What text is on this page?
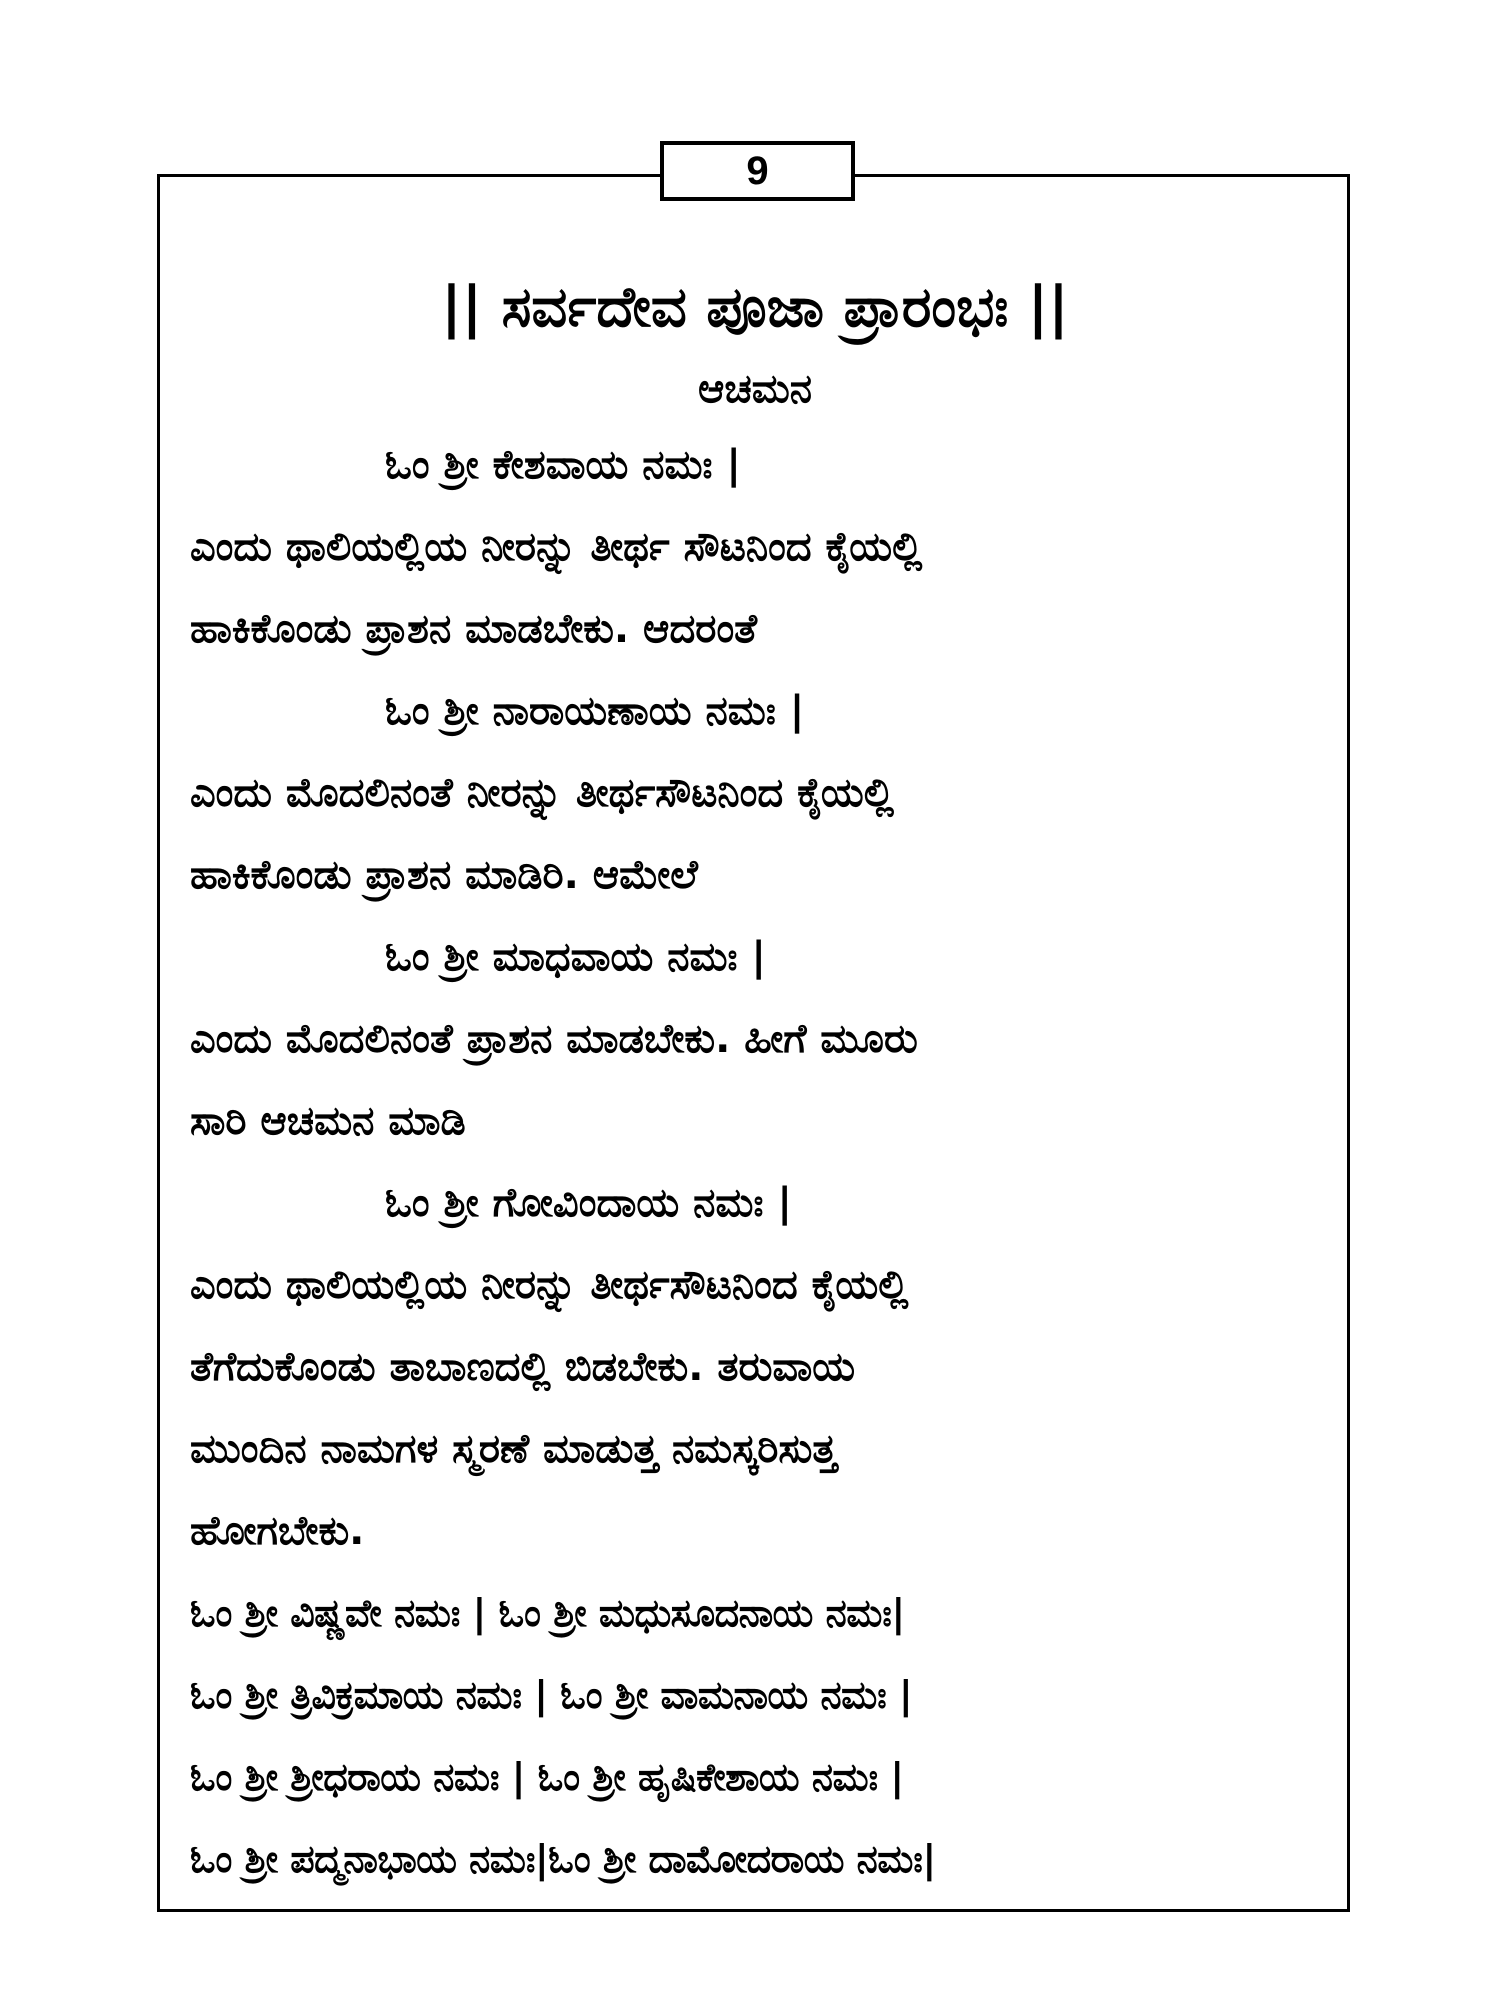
9
|| ಸರ್ವದೇವ ಪೂಜಾ ಪ್ರಾರಂಭಃ ||
ಆಚಮನ
ಓಂ ಶ್ರೀ ಕೇಶವಾಯ ನಮಃ |
ಎಂದು ಥಾಲಿಯಲ್ಲಿಯ ನೀರನ್ನು ತೀರ್ಥ ಸೌಟನಿಂದ ಕೈಯಲ್ಲಿ
ಹಾಕಿಕೊಂಡು ಪ್ರಾಶನ ಮಾಡಬೇಕು. ಆದರಂತೆ
ಓಂ ಶ್ರೀ ನಾರಾಯಣಾಯ ನಮಃ |
ಎಂದು ಮೊದಲಿನಂತೆ ನೀರನ್ನು ತೀರ್ಥಸೌಟನಿಂದ ಕೈಯಲ್ಲಿ
ಹಾಕಿಕೊಂಡು ಪ್ರಾಶನ ಮಾಡಿರಿ. ಆಮೇಲೆ
ಓಂ ಶ್ರೀ ಮಾಧವಾಯ ನಮಃ |
ಎಂದು ಮೊದಲಿನಂತೆ ಪ್ರಾಶನ ಮಾಡಬೇಕು. ಹೀಗೆ ಮೂರು
ಸಾರಿ ಆಚಮನ ಮಾಡಿ
ಓಂ ಶ್ರೀ ಗೋವಿಂದಾಯ ನಮಃ |
ಎಂದು ಥಾಲಿಯಲ್ಲಿಯ ನೀರನ್ನು ತೀರ್ಥಸೌಟನಿಂದ ಕೈಯಲ್ಲಿ
ತೆಗೆದುಕೊಂಡು ತಾಬಾಣದಲ್ಲಿ ಬಿಡಬೇಕು. ತರುವಾಯ
ಮುಂದಿನ ನಾಮಗಳ ಸ್ಮರಣೆ ಮಾಡುತ್ತ ನಮಸ್ಕರಿಸುತ್ತ
ಹೋಗಬೇಕು.
ಓಂ ಶ್ರೀ ವಿಷ್ಣವೇ ನಮಃ | ಓಂ ಶ್ರೀ ಮಧುಸೂದನಾಯ ನಮಃ|
ಓಂ ಶ್ರೀ ತ್ರಿವಿಕ್ರಮಾಯ ನಮಃ | ಓಂ ಶ್ರೀ ವಾಮನಾಯ ನಮಃ |
ಓಂ ಶ್ರೀ ಶ್ರೀಧರಾಯ ನಮಃ | ಓಂ ಶ್ರೀ ಹೃಷಿಕೇಶಾಯ ನಮಃ |
ಓಂ ಶ್ರೀ ಪದ್ಮನಾಭಾಯ ನಮಃ|ಓಂ ಶ್ರೀ ದಾಮೋದರಾಯ ನಮಃ|
